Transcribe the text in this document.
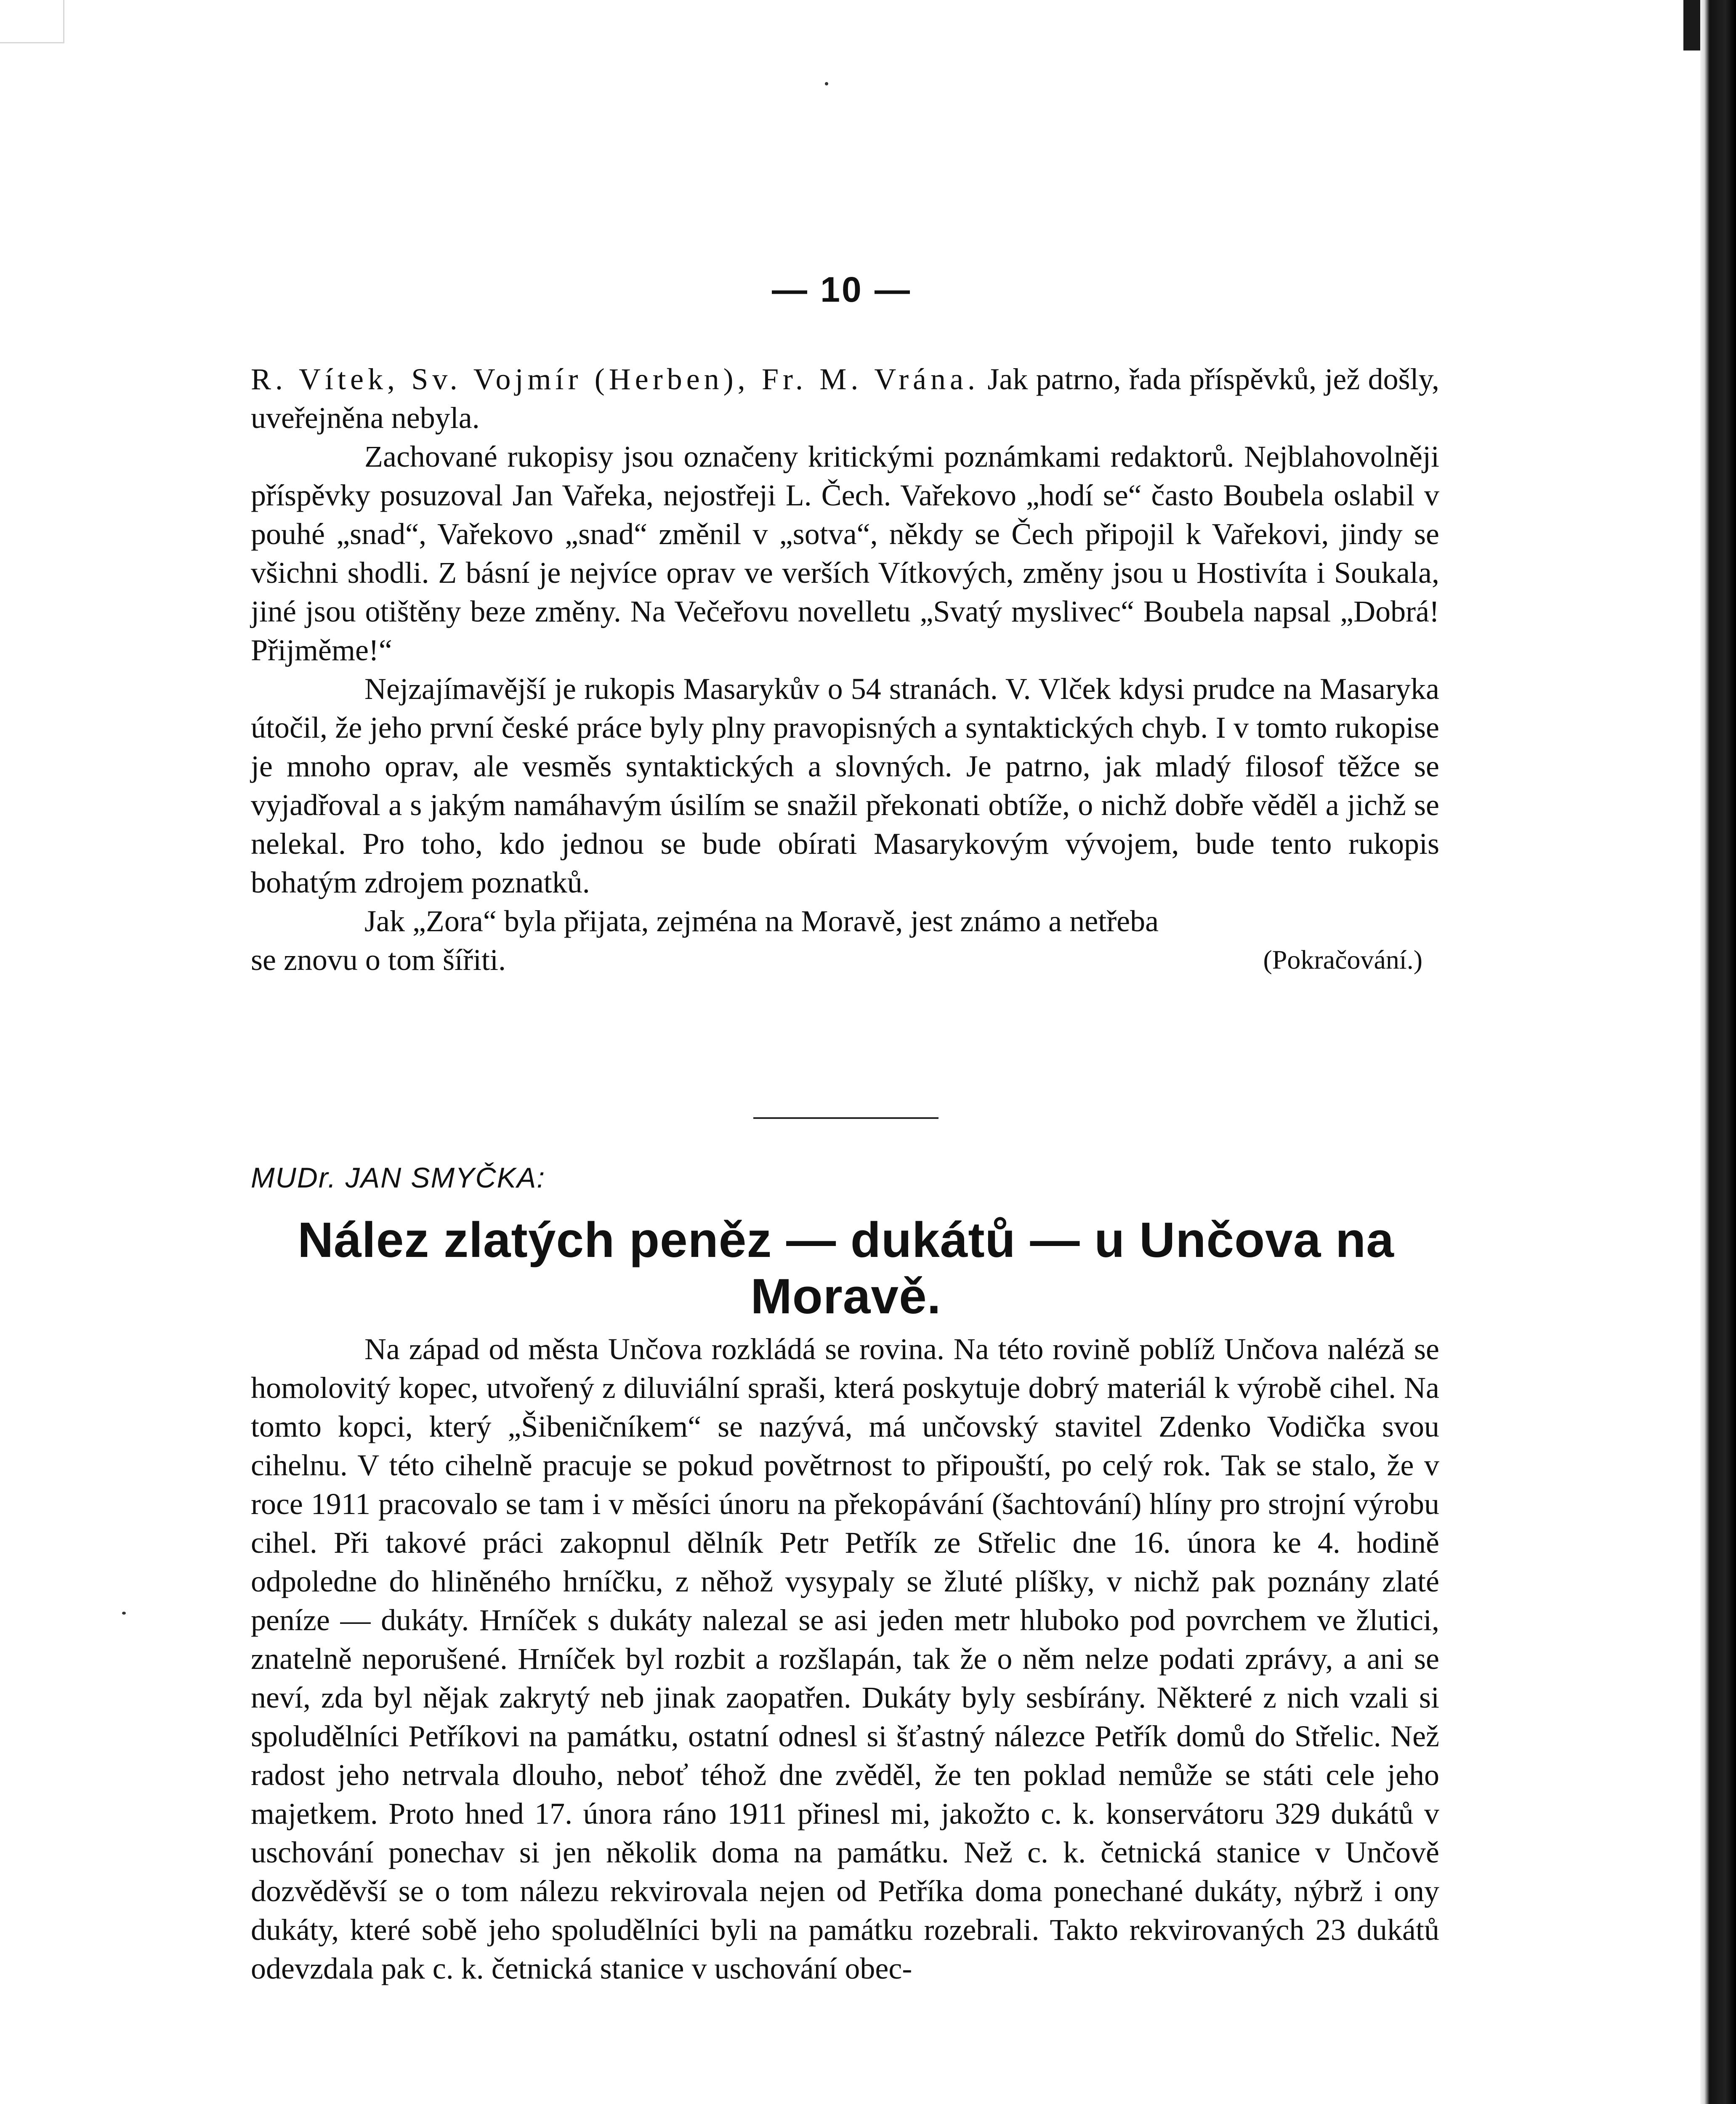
— 10 —

R. Vítek, Sv. Vojmír (Herben), Fr. M. Vrána. Jak patrno, řada příspěvků, jež došly, uveřejněna nebyla.

Zachované rukopisy jsou označeny kritickými poznámkami redaktorů. Nejblahovolněji příspěvky posuzoval Jan Vařeka, nejostřeji L. Čech. Vařekovo „hodí se“ často Boubela oslabil v pouhé „snad“, Vařekovo „snad“ změnil v „sotva“, někdy se Čech připojil k Vařekovi, jindy se všichni shodli. Z básní je nejvíce oprav ve verších Vítkových, změny jsou u Hostivíta i Soukala, jiné jsou otištěny beze změny. Na Večeřovu novelletu „Svatý myslivec“ Boubela napsal „Dobrá! Přijměme!“

Nejzajímavější je rukopis Masarykův o 54 stranách. V. Vlček kdysi prudce na Masaryka útočil, že jeho první české práce byly plny pravopisných a syntaktických chyb. I v tomto rukopise je mnoho oprav, ale vesměs syntaktických a slovných. Je patrno, jak mladý filosof těžce se vyjadřoval a s jakým namáhavým úsilím se snažil překonati obtíže, o nichž dobře věděl a jichž se nelekal. Pro toho, kdo jednou se bude obírati Masarykovým vývojem, bude tento rukopis bohatým zdrojem poznatků.

Jak „Zora“ byla přijata, zejména na Moravě, jest známo a netřeba

se znovu o tom šířiti.	(Pokračování.)
MUDr. JAN SMYČKA:
Nález zlatých peněz — dukátů — u Unčova na
Moravě.

Na západ od města Unčova rozkládá se rovina. Na této rovině poblíž Unčova naléză se homolovitý kopec, utvořený z diluviální spraši, která poskytuje dobrý materiál k výrobě cihel. Na tomto kopci, který „Šibeničníkem“ se nazývá, má unčovský stavitel Zdenko Vodička svou cihelnu. V této cihelně pracuje se pokud povětrnost to připouští, po celý rok. Tak se stalo, že v roce 1911 pracovalo se tam i v měsíci únoru na překopávání (šachtování) hlíny pro strojní výrobu cihel. Při takové práci zakopnul dělník Petr Petřík ze Střelic dne 16. února ke 4. hodině odpoledne do hliněného hrníčku, z něhož vysypaly se žluté plíšky, v nichž pak poznány zlaté peníze — dukáty. Hrníček s dukáty nalezal se asi jeden metr hluboko pod povrchem ve žlutici, znatelně neporušené. Hrníček byl rozbit a rozšlapán, tak že o něm nelze podati zprávy, a ani se neví, zda byl nějak zakrytý neb jinak zaopatřen. Dukáty byly sesbírány. Některé z nich vzali si spoludělníci Petříkovi na památku, ostatní odnesl si šťastný nálezce Petřík domů do Střelic. Než radost jeho netrvala dlouho, neboť téhož dne zvěděl, že ten poklad nemůže se státi cele jeho majetkem. Proto hned 17. února ráno 1911 přinesl mi, jakožto c. k. konservátoru 329 dukátů v uschování ponechav si jen několik doma na památku. Než c. k. četnická stanice v Unčově dozvěděvší se o tom nálezu rekvirovala nejen od Petříka doma ponechané dukáty, nýbrž i ony dukáty, které sobě jeho spoludělníci byli na památku rozebrali. Takto rekvirovaných 23 dukátů odevzdala pak c. k. četnická stanice v uschování obec-
